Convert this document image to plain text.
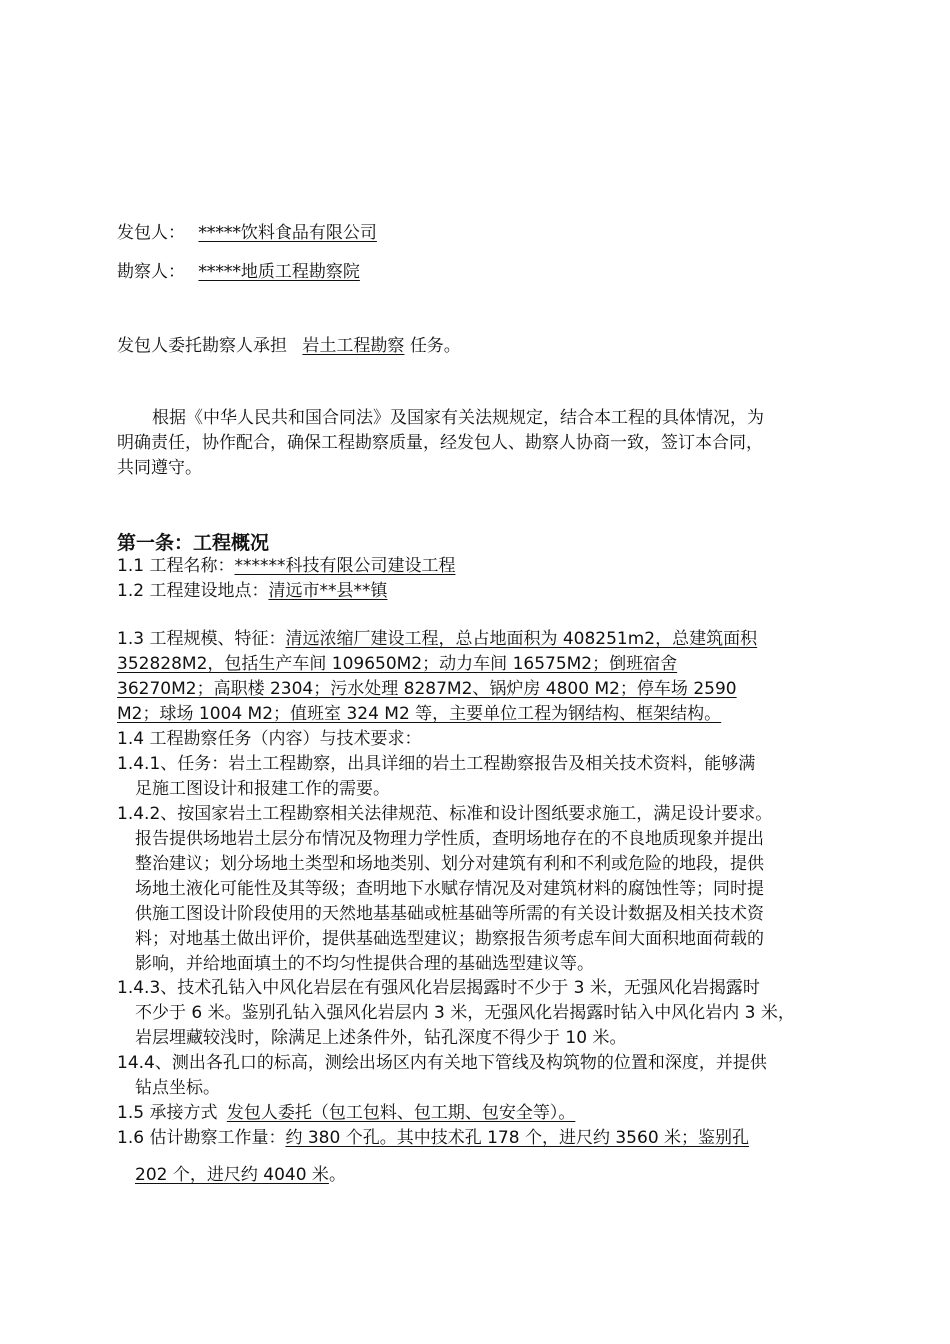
发包人： *****饮料食品有限公司
勘察人： *****地质工程勘察院
发包人委托勘察人承担 岩土工程勘察 任务。
根据《中华人民共和国合同法》及国家有关法规规定，结合本工程的具体情况，为
明确责任，协作配合，确保工程勘察质量，经发包人、勘察人协商一致，签订本合同，
共同遵守。
第一条：工程概况
1.1 工程名称：******科技有限公司建设工程
1.2 工程建设地点：清远市**县**镇
1.3 工程规模、特征：清远浓缩厂建设工程，总占地面积为 408251m2，总建筑面积
352828M2，包括生产车间 109650M2；动力车间 16575M2；倒班宿舍
36270M2；高职楼 2304；污水处理 8287M2、锅炉房 4800 M2；停车场 2590
M2；球场 1004 M2；值班室 324 M2 等，主要单位工程为钢结构、框架结构。
1.4 工程勘察任务（内容）与技术要求：
1.4.1、任务：岩土工程勘察，出具详细的岩土工程勘察报告及相关技术资料，能够满
足施工图设计和报建工作的需要。
1.4.2、按国家岩土工程勘察相关法律规范、标准和设计图纸要求施工，满足设计要求。
报告提供场地岩土层分布情况及物理力学性质，查明场地存在的不良地质现象并提出
整治建议；划分场地土类型和场地类别、划分对建筑有利和不利或危险的地段，提供
场地土液化可能性及其等级；查明地下水赋存情况及对建筑材料的腐蚀性等；同时提
供施工图设计阶段使用的天然地基基础或桩基础等所需的有关设计数据及相关技术资
料；对地基土做出评价，提供基础选型建议；勘察报告须考虑车间大面积地面荷载的
影响，并给地面填土的不均匀性提供合理的基础选型建议等。
1.4.3、技术孔钻入中风化岩层在有强风化岩层揭露时不少于 3 米，无强风化岩揭露时
不少于 6 米。鉴别孔钻入强风化岩层内 3 米，无强风化岩揭露时钻入中风化岩内 3 米，
岩层埋藏较浅时，除满足上述条件外，钻孔深度不得少于 10 米。
14.4、测出各孔口的标高，测绘出场区内有关地下管线及构筑物的位置和深度，并提供
钻点坐标。
1.5 承接方式 发包人委托（包工包料、包工期、包安全等）。
1.6 估计勘察工作量：约 380 个孔。其中技术孔 178 个，进尺约 3560 米；鉴别孔
202 个，进尺约 4040 米。
